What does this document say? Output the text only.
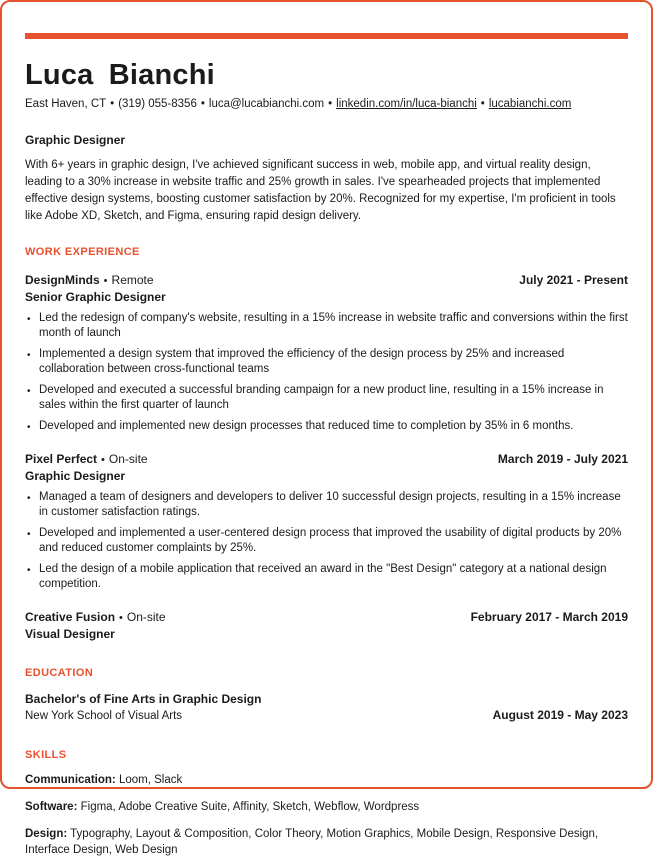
Luca Bianchi
East Haven, CT • (319) 055-8356 • luca@lucabianchi.com • linkedin.com/in/luca-bianchi • lucabianchi.com
Graphic Designer

With 6+ years in graphic design, I've achieved significant success in web, mobile app, and virtual reality design, leading to a 30% increase in website traffic and 25% growth in sales. I've spearheaded projects that implemented effective design systems, boosting customer satisfaction by 20%. Recognized for my expertise, I'm proficient in tools like Adobe XD, Sketch, and Figma, ensuring rapid design delivery.

WORK EXPERIENCE
DesignMinds • Remote	July 2021 - Present
Senior Graphic Designer
• Led the redesign of company's website, resulting in a 15% increase in website traffic and conversions within the first month of launch
• Implemented a design system that improved the efficiency of the design process by 25% and increased collaboration between cross-functional teams
• Developed and executed a successful branding campaign for a new product line, resulting in a 15% increase in sales within the first quarter of launch
• Developed and implemented new design processes that reduced time to completion by 35% in 6 months.
Pixel Perfect • On-site	March 2019 - July 2021
Graphic Designer
• Managed a team of designers and developers to deliver 10 successful design projects, resulting in a 15% increase in customer satisfaction ratings.
• Developed and implemented a user-centered design process that improved the usability of digital products by 20% and reduced customer complaints by 25%.
• Led the design of a mobile application that received an award in the "Best Design" category at a national design competition.
Creative Fusion • On-site	February 2017 - March 2019
Visual Designer
EDUCATION
Bachelor's of Fine Arts in Graphic Design
New York School of Visual Arts	August 2019 - May 2023
SKILLS
Communication: Loom, Slack
Software: Figma, Adobe Creative Suite, Affinity, Sketch, Webflow, Wordpress
Design: Typography, Layout & Composition, Color Theory, Motion Graphics, Mobile Design, Responsive Design, Interface Design, Web Design
